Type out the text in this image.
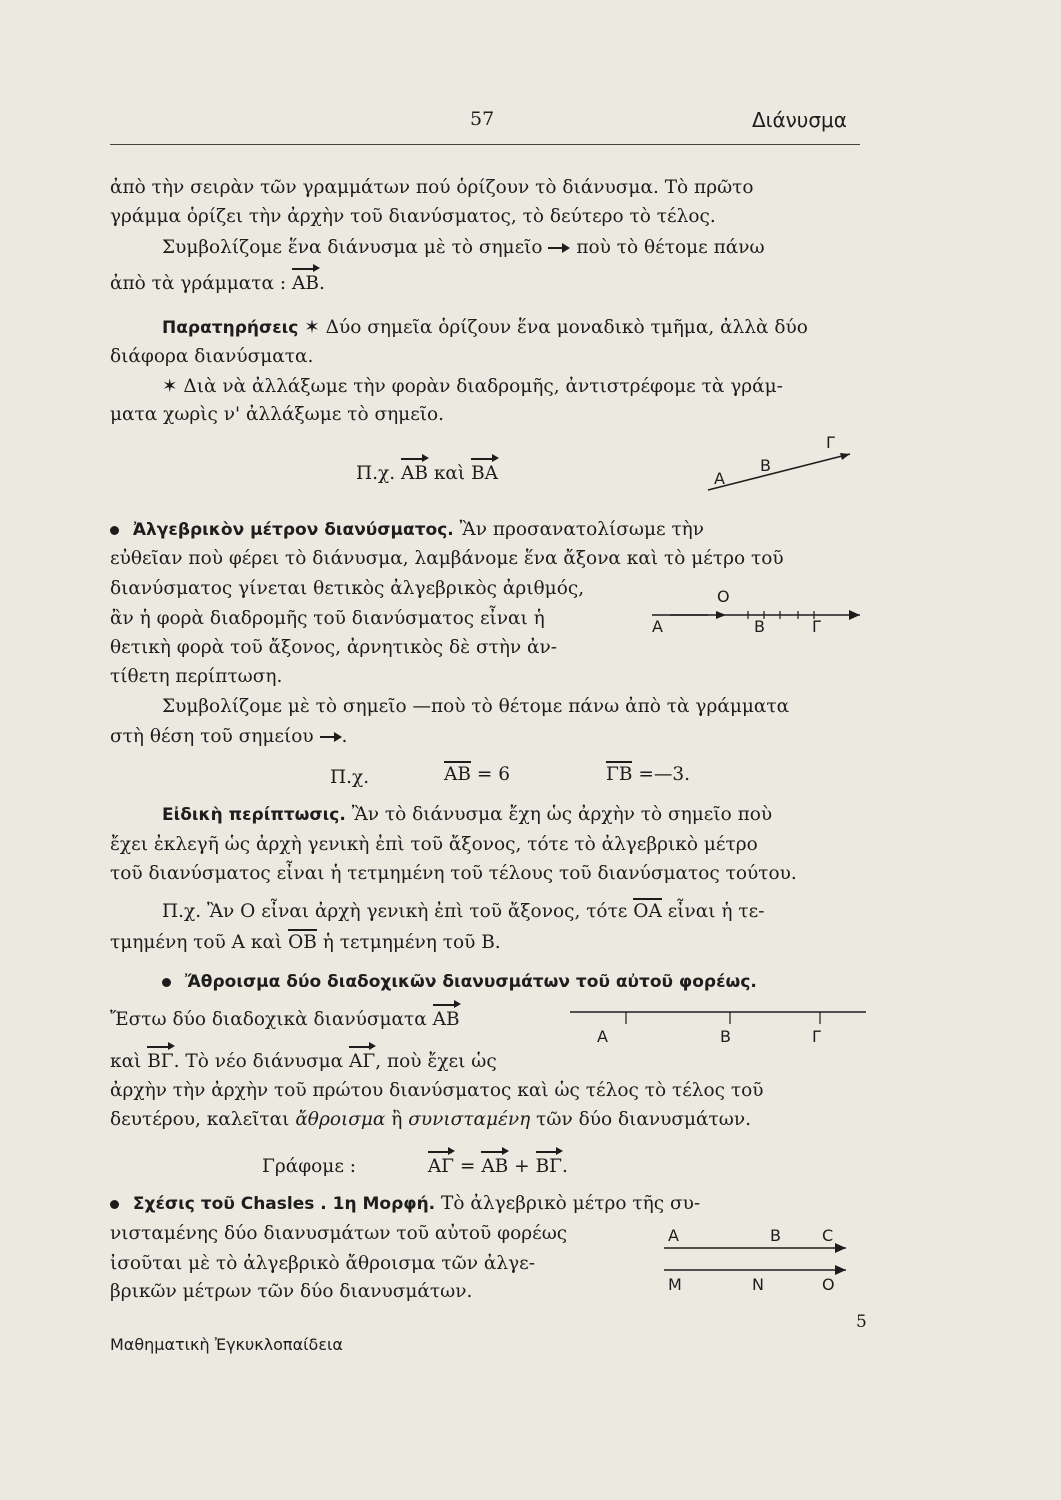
57	Διάνυσμα
ἀπὸ τὴν σειρὰν τῶν γραμμάτων πού ὁρίζουν τὸ διάνυσμα. Τὸ πρῶτο
γράμμα ὁρίζει τὴν ἀρχὴν τοῦ διανύσματος, τὸ δεύτερο τὸ τέλος.
Συμβολίζομε ἕνα διάνυσμα μὲ τὸ σημεῖο ποὺ τὸ θέτομε πάνω
ἀπὸ τὰ γράμματα : AB.
Παρατηρήσεις ✶ Δύο σημεῖα ὁρίζουν ἕνα μοναδικὸ τμῆμα, ἀλλὰ δύο
διάφορα διανύσματα.
✶ Διὰ νὰ ἀλλάξωμε τὴν φορὰν διαδρομῆς, ἀντιστρέφομε τὰ γράμ-
ματα χωρὶς ν' ἀλλάξωμε τὸ σημεῖο.
Π.χ. AB καὶ BA	A
B
Γ
Ἀλγεβρικὸν μέτρον διανύσματος. Ἂν προσανατολίσωμε τὴν
εὐθεῖαν ποὺ φέρει τὸ διάνυσμα, λαμβάνομε ἕνα ἄξονα καὶ τὸ μέτρο τοῦ
διανύσματος γίνεται θετικὸς ἀλγεβρικὸς ἀριθμός,
ἂν ἡ φορὰ διαδρομῆς τοῦ διανύσματος εἶναι ἡ
θετικὴ φορὰ τοῦ ἄξονος, ἀρνητικὸς δὲ στὴν ἀν-
τίθετη περίπτωση.
O
A	B	Γ
Συμβολίζομε μὲ τὸ σημεῖο —ποὺ τὸ θέτομε πάνω ἀπὸ τὰ γράμματα
στὴ θέση τοῦ σημείου .
Π.χ.	AB = 6	ΓB =—3.
Εἰδικὴ περίπτωσις. Ἂν τὸ διάνυσμα ἔχη ὡς ἀρχὴν τὸ σημεῖο ποὺ
ἔχει ἐκλεγῆ ὡς ἀρχὴ γενικὴ ἐπὶ τοῦ ἄξονος, τότε τὸ ἀλγεβρικὸ μέτρο
τοῦ διανύσματος εἶναι ἡ τετμημένη τοῦ τέλους τοῦ διανύσματος τούτου.
Π.χ. Ἂν O εἶναι ἀρχὴ γενικὴ ἐπὶ τοῦ ἄξονος, τότε OA εἶναι ἡ τε-
τμημένη τοῦ A καὶ OB ἡ τετμημένη τοῦ B.
Ἄθροισμα δύο διαδοχικῶν διανυσμάτων τοῦ αὐτοῦ φορέως.
Ἔστω δύο διαδοχικὰ διανύσματα AB
A	B	Γ
καὶ BΓ. Τὸ νέο διάνυσμα AΓ, ποὺ ἔχει ὡς
ἀρχὴν τὴν ἀρχὴν τοῦ πρώτου διανύσματος καὶ ὡς τέλος τὸ τέλος τοῦ
δευτέρου, καλεῖται ἄθροισμα ἢ συνισταμένη τῶν δύο διανυσμάτων.
Γράφομε :	AΓ = AB + BΓ.
Σχέσις τοῦ Chasles . 1η Μορφή. Τὸ ἀλγεβρικὸ μέτρο τῆς συ-
νισταμένης δύο διανυσμάτων τοῦ αὐτοῦ φορέως
ἰσοῦται μὲ τὸ ἀλγεβρικὸ ἄθροισμα τῶν ἀλγε-
βρικῶν μέτρων τῶν δύο διανυσμάτων.
A	B	C
M	N	O
Μαθηματικὴ Ἐγκυκλοπαίδεια
5
